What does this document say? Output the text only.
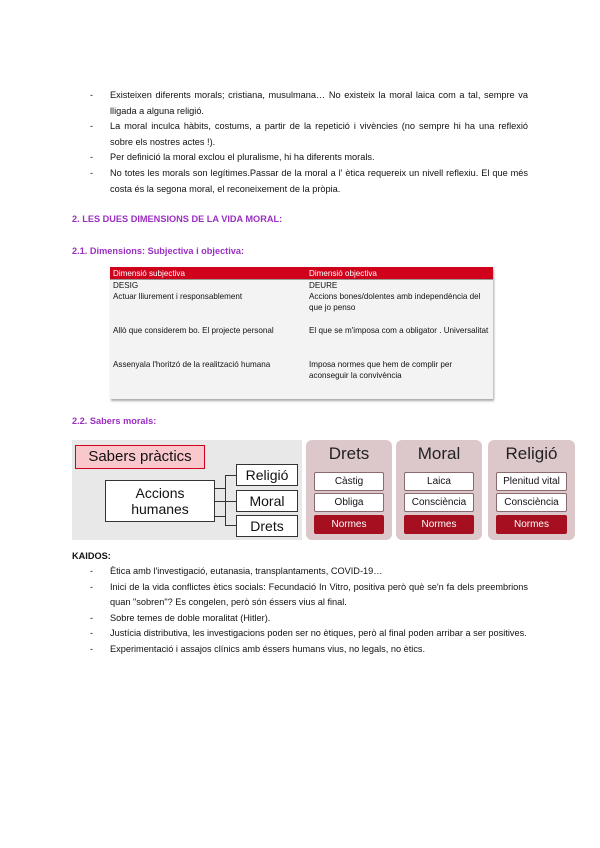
- Existeixen diferents morals; cristiana, musulmana… No existeix la moral laica com a tal, sempre va lligada a alguna religió.
- La moral inculca hàbits, costums, a partir de la repetició i vivències (no sempre hi ha una reflexió sobre els nostres actes !).
- Per definició la moral exclou el pluralisme, hi ha diferents morals.
- No totes les morals son legítimes.Passar de la moral a l' ètica requereix un nivell reflexiu. El que més costa és la segona moral, el reconeixement de la pròpia.

2. LES DUES DIMENSIONS DE LA VIDA MORAL:

2.1. Dimensions: Subjectiva i objectiva:

Dimensió subjectiva	Dimensió objectiva
DESIG	DEURE
Actuar lliurement i responsablement	Accions bones/dolentes amb independència del que jo penso
Allò que considerem bo. El projecte personal	El que se m'imposa com a obligator . Universalitat
Assenyala l'horitzó de la realització humana	Imposa normes que hem de complir per aconseguir la convivència

2.2. Sabers morals:

Sabers pràctics
Accions humanes
Religió
Moral
Drets
Drets
Càstig
Obliga
Normes
Moral
Laica
Consciència
Normes
Religió
Plenitud vital
Consciència
Normes

KAIDOS:

- Ètica amb l'investigació, eutanasia, transplantaments, COVID-19…
- Inici de la vida conflictes ètics socials: Fecundació In Vitro, positiva però què se'n fa dels preembrions quan "sobren"? Es congelen, però són éssers vius al final.
- Sobre temes de doble moralitat (Hitler).
- Justícia distributiva, les investigacions poden ser no ètiques, però al final poden arribar a ser positives.
- Experimentació i assajos clínics amb éssers humans vius, no legals, no ètics.
